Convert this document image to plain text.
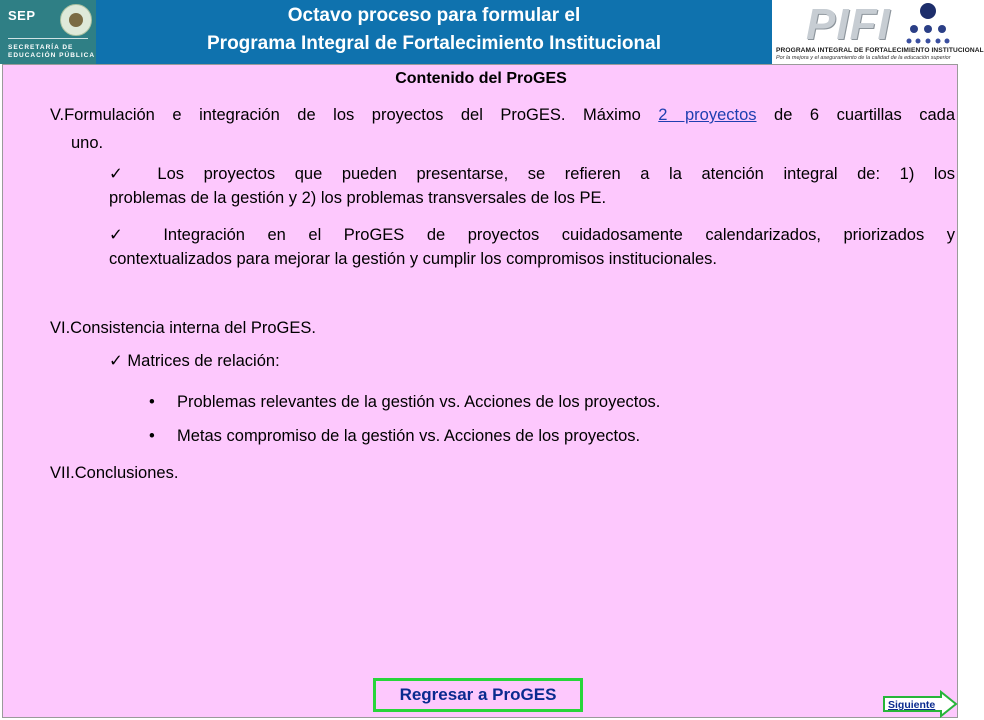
SEP
SECRETARÍA DE
EDUCACIÓN PÚBLICA
Octavo proceso para formular el
Programa Integral de Fortalecimiento Institucional	PIFI
PROGRAMA INTEGRAL DE FORTALECIMIENTO INSTITUCIONAL
Por la mejora y el aseguramiento de la calidad de la educación superior
Contenido del ProGES
V.Formulación e integración de los proyectos del ProGES. Máximo 2 proyectos de 6 cuartillas cada
uno.
✓ Los proyectos que pueden presentarse, se refieren a la atención integral de: 1) los
problemas de la gestión y 2) los problemas transversales de los PE.
✓ Integración en el ProGES de proyectos cuidadosamente calendarizados, priorizados y
contextualizados para mejorar la gestión y cumplir los compromisos institucionales.
VI.Consistencia interna del ProGES.
✓ Matrices de relación:
• Problemas relevantes de la gestión vs. Acciones de los proyectos.
• Metas compromiso de la gestión vs. Acciones de los proyectos.
VII.Conclusiones.
Regresar a ProGES
Siguiente
